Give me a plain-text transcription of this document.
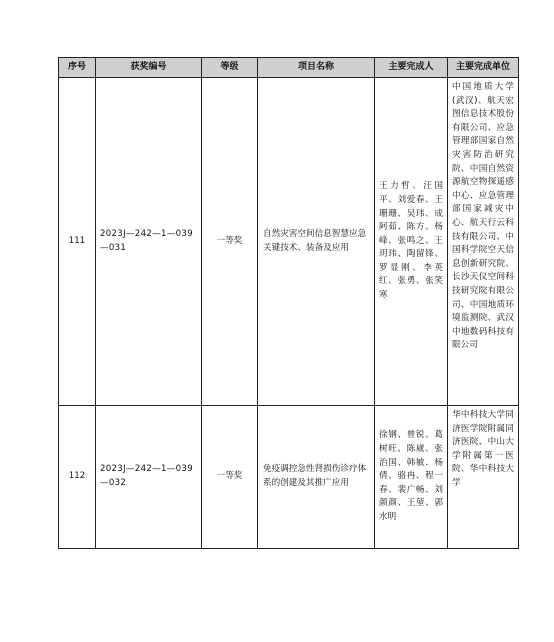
序号	获奖编号	等级	项目名称	主要完成人	主要完成单位
111	2023J—242—1—039—031	一等奖	自然灾害空间信息智慧应急关键技术、装备及应用	王力哲、汪国平、刘爱春、王珊珊、吴玮、成阿茹、陈方、杨峰、张鸣之、王玥玮、陶留锋、罗显刚、李英红、张勇、张笑寒	中国地质大学(武汉)、航天宏图信息技术股份有限公司、应急管理部国家自然灾害防治研究院、中国自然资源航空物探遥感中心、应急管理部国家减灾中心、航天行云科技有限公司、中国科学院空天信息创新研究院、长沙天仪空间科技研究院有限公司、中国地质环境监测院、武汉中地数码科技有限公司
112	2023J—242—1—039—032	一等奖	免疫调控急性肾损伤诊疗体系的创建及其推广应用	徐钢、曾锐、葛树旺、陈崴、张治国、韩敏、杨倩、骆冉、程一春、裴广畅、刘颜颜、王堃、郭水明	华中科技大学同济医学院附属同济医院、中山大学附属第一医院、华中科技大学
